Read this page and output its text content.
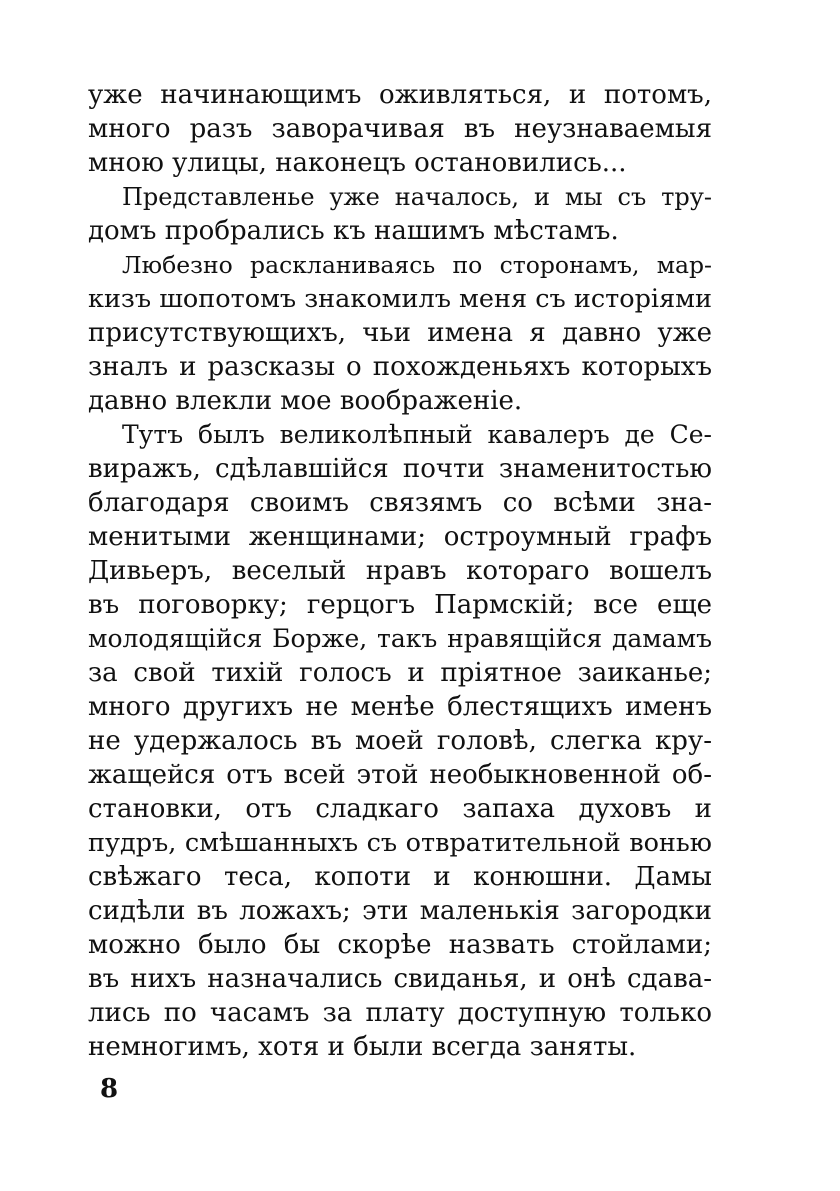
уже начинающимъ оживляться, и потомъ,
много разъ заворачивая въ неузнаваемыя
мною улицы, наконецъ остановились...
Представленье уже началось, и мы съ тру-
домъ пробрались къ нашимъ мѣстамъ.
Любезно раскланиваясь по сторонамъ, мар-
кизъ шопотомъ знакомилъ меня съ исторiями
присутствующихъ, чьи имена я давно уже
зналъ и разсказы о похожденьяхъ которыхъ
давно влекли мое воображенiе.
Тутъ былъ великолѣпный кавалеръ де Се-
виражъ, сдѣлавшiйся почти знаменитостью
благодаря своимъ связямъ со всѣми зна-
менитыми женщинами; остроумный графъ
Дивьеръ, веселый нравъ котораго вошелъ
въ поговорку; герцогъ Пармскiй; все еще
молодящiйся Борже, такъ нравящiйся дамамъ
за свой тихiй голосъ и прiятное заиканье;
много другихъ не менѣе блестящихъ именъ
не удержалось въ моей головѣ, слегка кру-
жащейся отъ всей этой необыкновенной об-
становки, отъ сладкаго запаха духовъ и
пудръ, смѣшанныхъ съ отвратительной вонью
свѣжаго теса, копоти и конюшни. Дамы
сидѣли въ ложахъ; эти маленькiя загородки
можно было бы скорѣе назвать стойлами;
въ нихъ назначались свиданья, и онѣ сдава-
лись по часамъ за плату доступную только
немногимъ, хотя и были всегда заняты.
8
